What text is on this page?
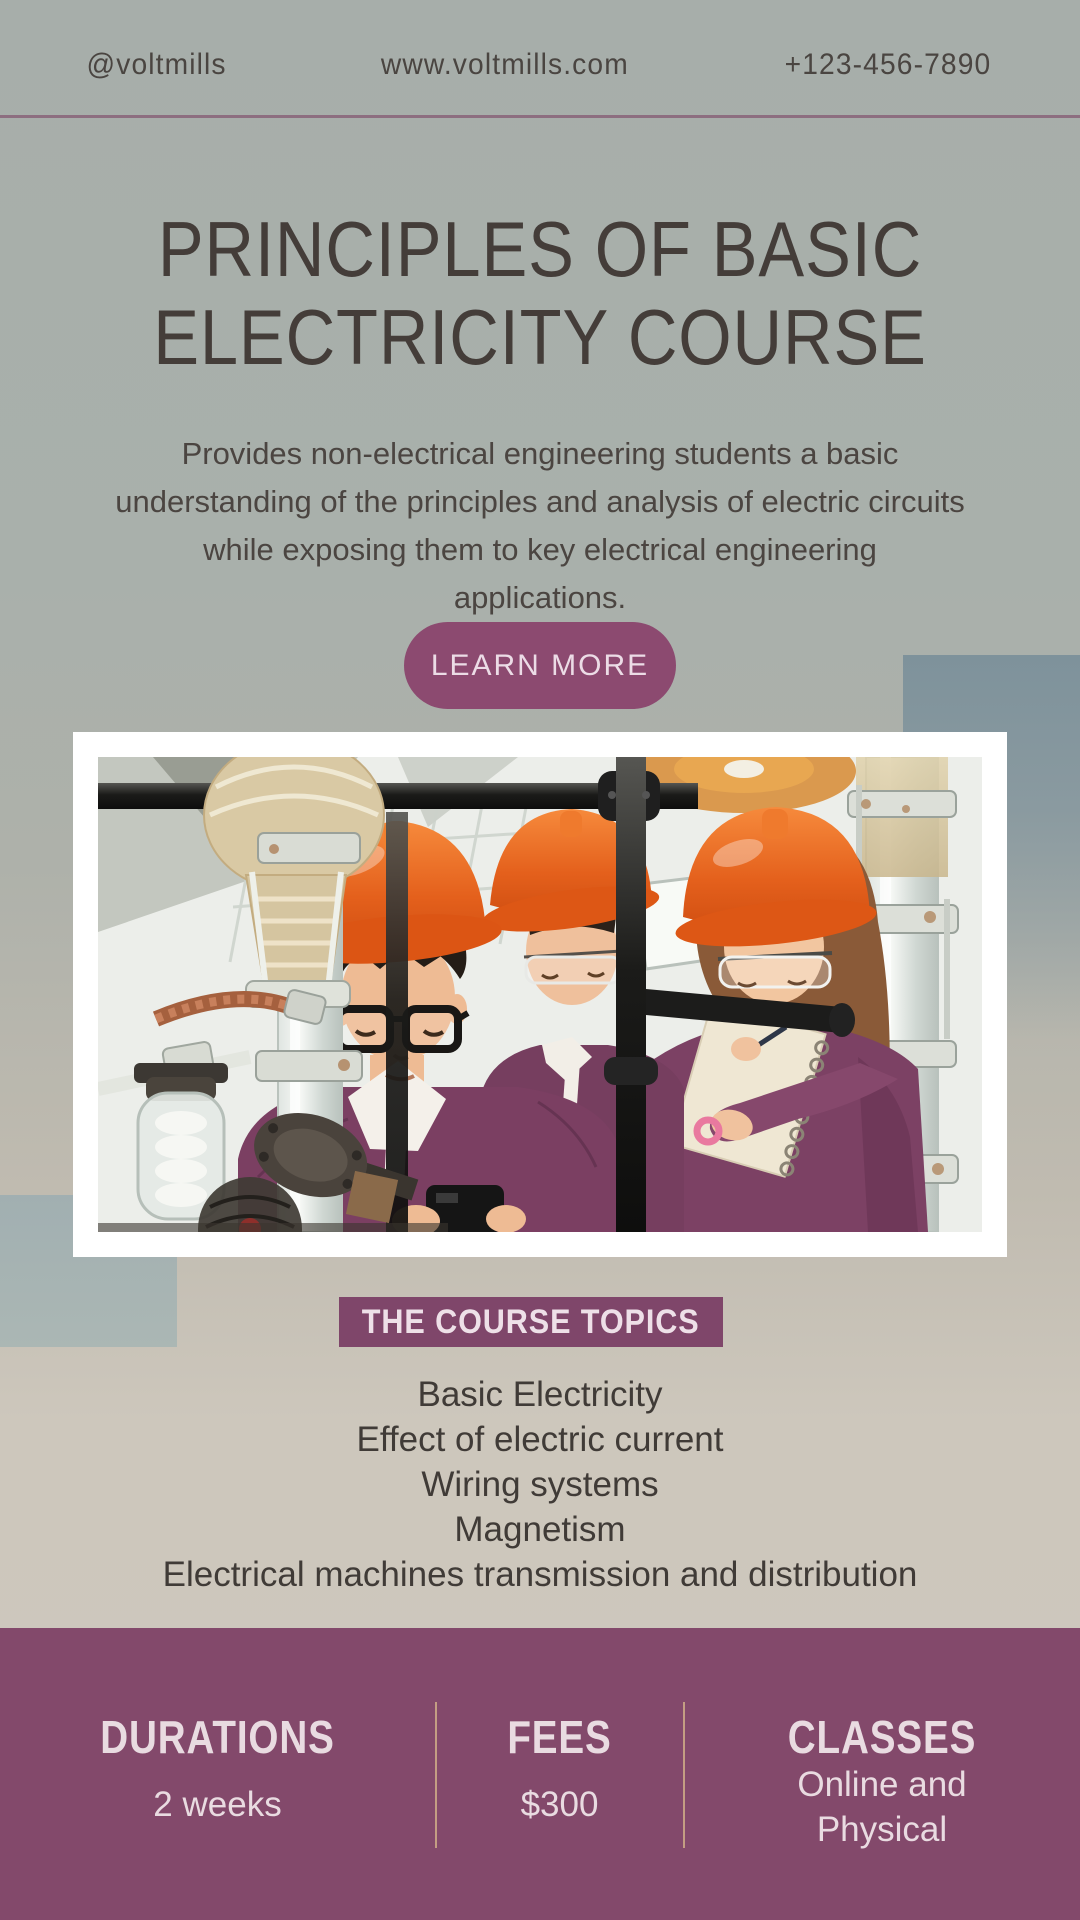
@voltmills	www.voltmills.com	+123-456-7890
PRINCIPLES OF BASIC
ELECTRICITY COURSE
Provides non-electrical engineering students a basic understanding of the principles and analysis of electric circuits while exposing them to key electrical engineering applications.
LEARN MORE
THE COURSE TOPICS
Basic Electricity
Effect of electric current
Wiring systems
Magnetism
Electrical machines transmission and distribution
DURATIONS
2 weeks
FEES
$300
CLASSES
Online and Physical
